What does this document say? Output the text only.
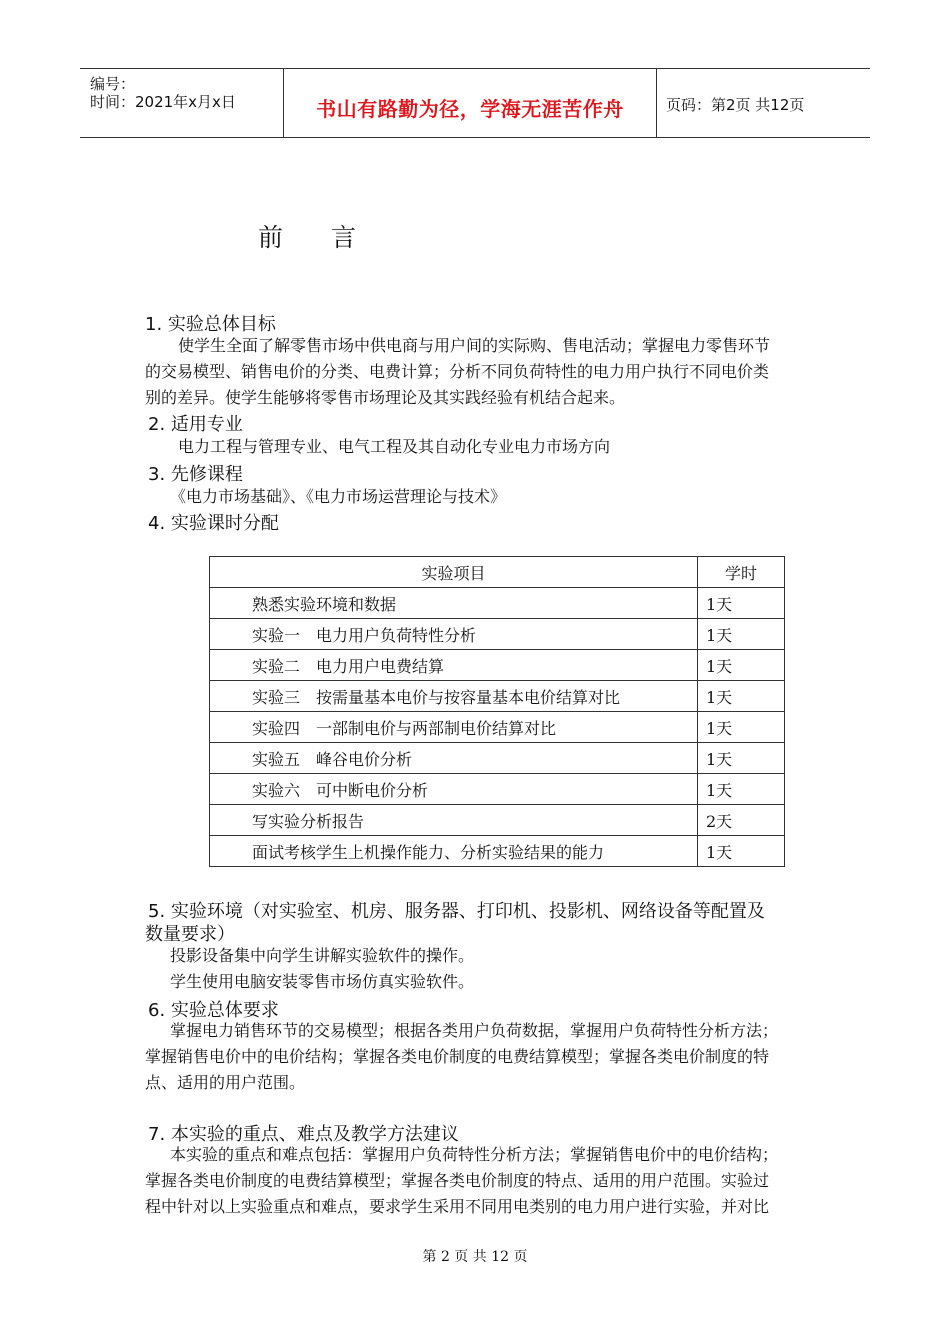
编号：
时间：2021年x月x日	书山有路勤为径，学海无涯苦作舟	页码：第2页 共12页
前 言
1. 实验总体目标
使学生全面了解零售市场中供电商与用户间的实际购、售电活动；掌握电力零售环节
的交易模型、销售电价的分类、电费计算；分析不同负荷特性的电力用户执行不同电价类
别的差异。使学生能够将零售市场理论及其实践经验有机结合起来。
2. 适用专业
电力工程与管理专业、电气工程及其自动化专业电力市场方向
3. 先修课程
《电力市场基础》、《电力市场运营理论与技术》
4. 实验课时分配
实验项目	学时
熟悉实验环境和数据	1天
实验一　电力用户负荷特性分析	1天
实验二　电力用户电费结算	1天
实验三　按需量基本电价与按容量基本电价结算对比	1天
实验四　一部制电价与两部制电价结算对比	1天
实验五　峰谷电价分析	1天
实验六　可中断电价分析	1天
写实验分析报告	2天
面试考核学生上机操作能力、分析实验结果的能力	1天
5. 实验环境（对实验室、机房、服务器、打印机、投影机、网络设备等配置及
数量要求）
投影设备集中向学生讲解实验软件的操作。
学生使用电脑安装零售市场仿真实验软件。
6. 实验总体要求
掌握电力销售环节的交易模型；根据各类用户负荷数据，掌握用户负荷特性分析方法；
掌握销售电价中的电价结构；掌握各类电价制度的电费结算模型；掌握各类电价制度的特
点、适用的用户范围。
7. 本实验的重点、难点及教学方法建议
本实验的重点和难点包括：掌握用户负荷特性分析方法；掌握销售电价中的电价结构；
掌握各类电价制度的电费结算模型；掌握各类电价制度的特点、适用的用户范围。实验过
程中针对以上实验重点和难点，要求学生采用不同用电类别的电力用户进行实验，并对比
第 2 页 共 12 页
